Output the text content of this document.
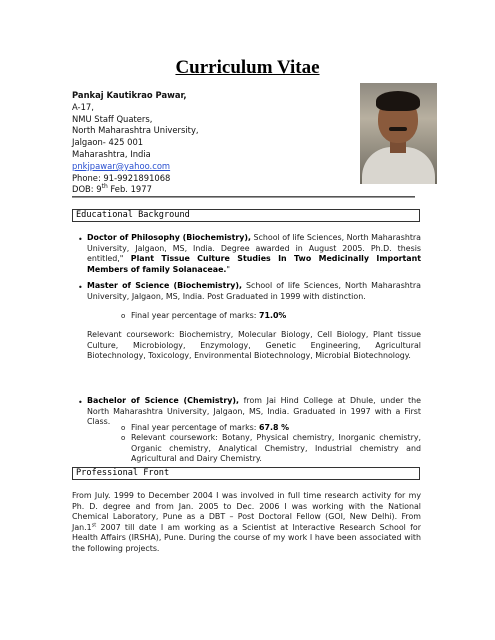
Curriculum Vitae
Pankaj Kautikrao Pawar,
A-17,
NMU Staff Quaters,
North Maharashtra University,
Jalgaon- 425 001
Maharashtra, India
pnkjpawar@yahoo.com
Phone: 91-9921891068
DOB: 9th Feb. 1977
Educational Background
• Doctor of Philosophy (Biochemistry), School of life Sciences, North Maharashtra University, Jalgaon, MS, India. Degree awarded in August 2005. Ph.D. thesis entitled," Plant Tissue Culture Studies In Two Medicinally Important Members of family Solanaceae."
• Master of Science (Biochemistry), School of life Sciences, North Maharashtra University, Jalgaon, MS, India. Post Graduated in 1999 with distinction.
o Final year percentage of marks: 71.0%
Relevant coursework: Biochemistry, Molecular Biology, Cell Biology, Plant tissue Culture, Microbiology, Enzymology, Genetic Engineering, Agricultural Biotechnology, Toxicology, Environmental Biotechnology, Microbial Biotechnology.
• Bachelor of Science (Chemistry), from Jai Hind College at Dhule, under the North Maharashtra University, Jalgaon, MS, India. Graduated in 1997 with a First Class.
o Final year percentage of marks: 67.8 %
o Relevant coursework: Botany, Physical chemistry, Inorganic chemistry, Organic chemistry, Analytical Chemistry, Industrial chemistry and Agricultural and Dairy Chemistry.
Professional Front
From July. 1999 to December 2004 I was involved in full time research activity for my Ph. D. degree and from Jan. 2005 to Dec. 2006 I was working with the National Chemical Laboratory, Pune as a DBT – Post Doctoral Fellow (GOI, New Delhi). From Jan.1st 2007 till date I am working as a Scientist at Interactive Research School for Health Affairs (IRSHA), Pune. During the course of my work I have been associated with the following projects.
